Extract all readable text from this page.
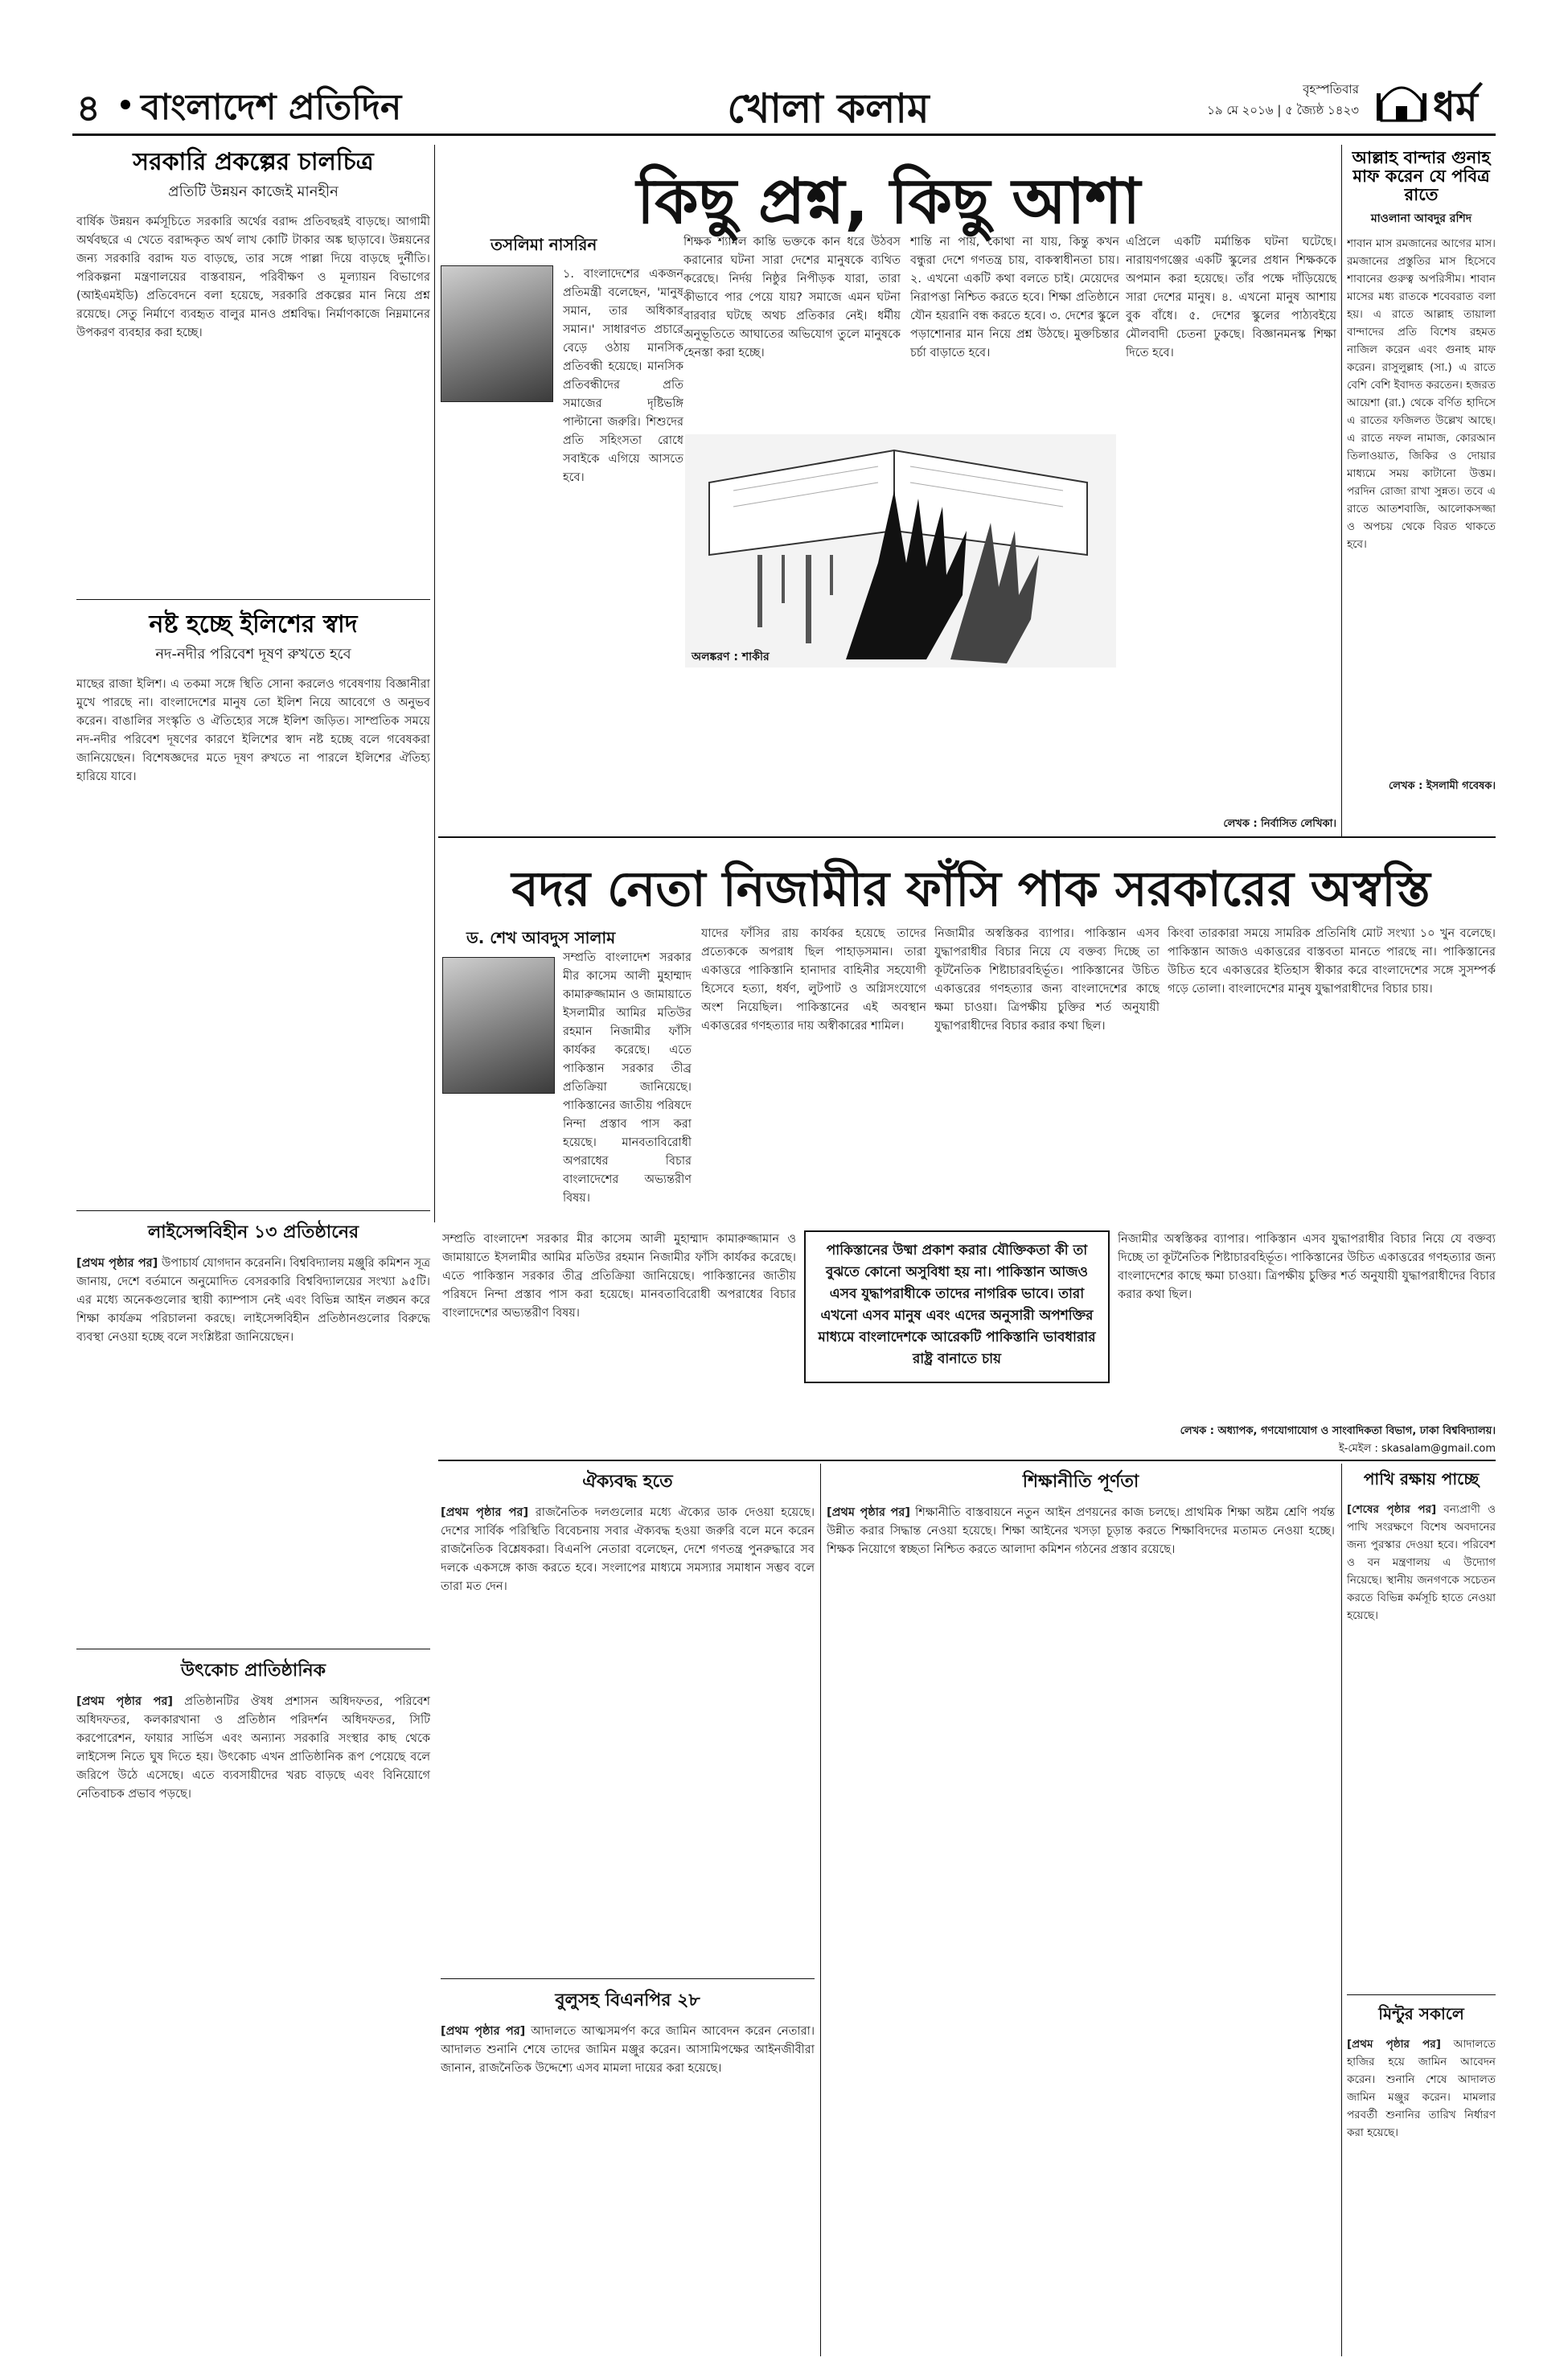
৪ বাংলাদেশ প্রতিদিন	খোলা কলাম	বৃহস্পতিবার
১৯ মে ২০১৬ | ৫ জ্যৈষ্ঠ ১৪২৩ ধর্ম
সরকারি প্রকল্পের চালচিত্র
প্রতিটি উন্নয়ন কাজেই মানহীন
বার্ষিক উন্নয়ন কর্মসূচিতে সরকারি অর্থের বরাদ্দ প্রতিবছরই বাড়ছে। আগামী অর্থবছরে এ খেতে বরাদ্দকৃত অর্থ লাখ কোটি টাকার অঙ্ক ছাড়াবে। উন্নয়নের জন্য সরকারি বরাদ্দ যত বাড়ছে, তার সঙ্গে পাল্লা দিয়ে বাড়ছে দুর্নীতি। পরিকল্পনা মন্ত্রণালয়ের বাস্তবায়ন, পরিবীক্ষণ ও মূল্যায়ন বিভাগের (আইএমইডি) প্রতিবেদনে বলা হয়েছে, সরকারি প্রকল্পের মান নিয়ে প্রশ্ন রয়েছে। সেতু নির্মাণে ব্যবহৃত বালুর মানও প্রশ্নবিদ্ধ। নির্মাণকাজে নিম্নমানের উপকরণ ব্যবহার করা হচ্ছে।
নষ্ট হচ্ছে ইলিশের স্বাদ
নদ-নদীর পরিবেশ দূষণ রুখতে হবে
মাছের রাজা ইলিশ। এ তকমা সঙ্গে স্থিতি সোনা করলেও গবেষণায় বিজ্ঞানীরা মুখে পারছে না। বাংলাদেশের মানুষ তো ইলিশ নিয়ে আবেগে ও অনুভব করেন। বাঙালির সংস্কৃতি ও ঐতিহ্যের সঙ্গে ইলিশ জড়িত। সাম্প্রতিক সময়ে নদ-নদীর পরিবেশ দূষণের কারণে ইলিশের স্বাদ নষ্ট হচ্ছে বলে গবেষকরা জানিয়েছেন। বিশেষজ্ঞদের মতে দূষণ রুখতে না পারলে ইলিশের ঐতিহ্য হারিয়ে যাবে।
লাইসেন্সবিহীন ১৩ প্রতিষ্ঠানের
[প্রথম পৃষ্ঠার পর] উপাচার্য যোগদান করেননি। বিশ্ববিদ্যালয় মঞ্জুরি কমিশন সূত্র জানায়, দেশে বর্তমানে অনুমোদিত বেসরকারি বিশ্ববিদ্যালয়ের সংখ্যা ৯৫টি। এর মধ্যে অনেকগুলোর স্থায়ী ক্যাম্পাস নেই এবং বিভিন্ন আইন লঙ্ঘন করে শিক্ষা কার্যক্রম পরিচালনা করছে। লাইসেন্সবিহীন প্রতিষ্ঠানগুলোর বিরুদ্ধে ব্যবস্থা নেওয়া হচ্ছে বলে সংশ্লিষ্টরা জানিয়েছেন।
উৎকোচ প্রাতিষ্ঠানিক
[প্রথম পৃষ্ঠার পর] প্রতিষ্ঠানটির ঔষধ প্রশাসন অধিদফতর, পরিবেশ অধিদফতর, কলকারখানা ও প্রতিষ্ঠান পরিদর্শন অধিদফতর, সিটি করপোরেশন, ফায়ার সার্ভিস এবং অন্যান্য সরকারি সংস্থার কাছ থেকে লাইসেন্স নিতে ঘুষ দিতে হয়। উৎকোচ এখন প্রাতিষ্ঠানিক রূপ পেয়েছে বলে জরিপে উঠে এসেছে। এতে ব্যবসায়ীদের খরচ বাড়ছে এবং বিনিয়োগে নেতিবাচক প্রভাব পড়ছে।
কিছু প্রশ্ন, কিছু আশা
তসলিমা নাসরিন
১. বাংলাদেশের একজন প্রতিমন্ত্রী বলেছেন, 'মানুষ সমান, তার অধিকার সমান।' সাধারণত প্রচারে বেড়ে ওঠায় মানসিক প্রতিবন্ধী হয়েছে। মানসিক প্রতিবন্ধীদের প্রতি সমাজের দৃষ্টিভঙ্গি পাল্টানো জরুরি। শিশুদের প্রতি সহিংসতা রোধে সবাইকে এগিয়ে আসতে হবে।
শিক্ষক শ্যামল কান্তি ভক্তকে কান ধরে উঠবস করানোর ঘটনা সারা দেশের মানুষকে ব্যথিত করেছে। নির্দয় নিষ্ঠুর নিপীড়ক যারা, তারা কীভাবে পার পেয়ে যায়? সমাজে এমন ঘটনা বারবার ঘটছে অথচ প্রতিকার নেই। ধর্মীয় অনুভূতিতে আঘাতের অভিযোগ তুলে মানুষকে হেনস্তা করা হচ্ছে।
শান্তি না পায়, কোথা না যায়, কিন্তু কখন বন্ধুরা দেশে গণতন্ত্র চায়, বাকস্বাধীনতা চায়। ২. এখনো একটি কথা বলতে চাই। মেয়েদের নিরাপত্তা নিশ্চিত করতে হবে। শিক্ষা প্রতিষ্ঠানে যৌন হয়রানি বন্ধ করতে হবে। ৩. দেশের স্কুলে পড়াশোনার মান নিয়ে প্রশ্ন উঠছে। মুক্তচিন্তার চর্চা বাড়াতে হবে।
এপ্রিলে একটি মর্মান্তিক ঘটনা ঘটেছে। নারায়ণগঞ্জের একটি স্কুলের প্রধান শিক্ষককে অপমান করা হয়েছে। তাঁর পক্ষে দাঁড়িয়েছে সারা দেশের মানুষ। ৪. এখনো মানুষ আশায় বুক বাঁধে। ৫. দেশের স্কুলের পাঠ্যবইয়ে মৌলবাদী চেতনা ঢুকছে। বিজ্ঞানমনস্ক শিক্ষা দিতে হবে।
অলঙ্করণ : শাকীর
লেখক : নির্বাসিত লেখিকা।
আল্লাহ বান্দার গুনাহ মাফ করেন যে পবিত্র রাতে
মাওলানা আবদুর রশিদ
শাবান মাস রমজানের আগের মাস। রমজানের প্রস্তুতির মাস হিসেবে শাবানের গুরুত্ব অপরিসীম। শাবান মাসের মধ্য রাতকে শবেবরাত বলা হয়। এ রাতে আল্লাহ তায়ালা বান্দাদের প্রতি বিশেষ রহমত নাজিল করেন এবং গুনাহ মাফ করেন। রাসুলুল্লাহ (সা.) এ রাতে বেশি বেশি ইবাদত করতেন। হজরত আয়েশা (রা.) থেকে বর্ণিত হাদিসে এ রাতের ফজিলত উল্লেখ আছে। এ রাতে নফল নামাজ, কোরআন তিলাওয়াত, জিকির ও দোয়ার মাধ্যমে সময় কাটানো উত্তম। পরদিন রোজা রাখা সুন্নত। তবে এ রাতে আতশবাজি, আলোকসজ্জা ও অপচয় থেকে বিরত থাকতে হবে।
লেখক : ইসলামী গবেষক।
বদর নেতা নিজামীর ফাঁসি পাক সরকারের অস্বস্তি
ড. শেখ আবদুস সালাম
সম্প্রতি বাংলাদেশ সরকার মীর কাসেম আলী মুহাম্মাদ কামারুজ্জামান ও জামায়াতে ইসলামীর আমির মতিউর রহমান নিজামীর ফাঁসি কার্যকর করেছে। এতে পাকিস্তান সরকার তীব্র প্রতিক্রিয়া জানিয়েছে। পাকিস্তানের জাতীয় পরিষদে নিন্দা প্রস্তাব পাস করা হয়েছে। মানবতাবিরোধী অপরাধের বিচার বাংলাদেশের অভ্যন্তরীণ বিষয়।
যাদের ফাঁসির রায় কার্যকর হয়েছে তাদের প্রত্যেককে অপরাধ ছিল পাহাড়সমান। তারা একাত্তরে পাকিস্তানি হানাদার বাহিনীর সহযোগী হিসেবে হত্যা, ধর্ষণ, লুটপাট ও অগ্নিসংযোগে অংশ নিয়েছিল। পাকিস্তানের এই অবস্থান একাত্তরের গণহত্যার দায় অস্বীকারের শামিল।
নিজামীর অস্বস্তিকর ব্যাপার। পাকিস্তান এসব যুদ্ধাপরাধীর বিচার নিয়ে যে বক্তব্য দিচ্ছে তা কূটনৈতিক শিষ্টাচারবহির্ভূত। পাকিস্তানের উচিত একাত্তরের গণহত্যার জন্য বাংলাদেশের কাছে ক্ষমা চাওয়া। ত্রিপক্ষীয় চুক্তির শর্ত অনুযায়ী যুদ্ধাপরাধীদের বিচার করার কথা ছিল।
কিংবা তারকারা সময়ে সামরিক প্রতিনিধি মোট সংখ্যা ১০ খুন বলেছে। পাকিস্তান আজও একাত্তরের বাস্তবতা মানতে পারছে না। পাকিস্তানের উচিত হবে একাত্তরের ইতিহাস স্বীকার করে বাংলাদেশের সঙ্গে সুসম্পর্ক গড়ে তোলা। বাংলাদেশের মানুষ যুদ্ধাপরাধীদের বিচার চায়।
পাকিস্তানের উষ্মা প্রকাশ করার যৌক্তিকতা কী তা বুঝতে কোনো অসুবিধা হয় না। পাকিস্তান আজও এসব যুদ্ধাপরাধীকে তাদের নাগরিক ভাবে। তারা এখনো এসব মানুষ এবং এদের অনুসারী অপশক্তির মাধ্যমে বাংলাদেশকে আরেকটি পাকিস্তানি ভাবধারার রাষ্ট্র বানাতে চায়
সম্প্রতি বাংলাদেশ সরকার মীর কাসেম আলী মুহাম্মাদ কামারুজ্জামান ও জামায়াতে ইসলামীর আমির মতিউর রহমান নিজামীর ফাঁসি কার্যকর করেছে। এতে পাকিস্তান সরকার তীব্র প্রতিক্রিয়া জানিয়েছে। পাকিস্তানের জাতীয় পরিষদে নিন্দা প্রস্তাব পাস করা হয়েছে। মানবতাবিরোধী অপরাধের বিচার বাংলাদেশের অভ্যন্তরীণ বিষয়।
নিজামীর অস্বস্তিকর ব্যাপার। পাকিস্তান এসব যুদ্ধাপরাধীর বিচার নিয়ে যে বক্তব্য দিচ্ছে তা কূটনৈতিক শিষ্টাচারবহির্ভূত। পাকিস্তানের উচিত একাত্তরের গণহত্যার জন্য বাংলাদেশের কাছে ক্ষমা চাওয়া। ত্রিপক্ষীয় চুক্তির শর্ত অনুযায়ী যুদ্ধাপরাধীদের বিচার করার কথা ছিল।
লেখক : অধ্যাপক, গণযোগাযোগ ও সাংবাদিকতা বিভাগ, ঢাকা বিশ্ববিদ্যালয়।
ই-মেইল : skasalam@gmail.com
ঐক্যবদ্ধ হতে
[প্রথম পৃষ্ঠার পর] রাজনৈতিক দলগুলোর মধ্যে ঐক্যের ডাক দেওয়া হয়েছে। দেশের সার্বিক পরিস্থিতি বিবেচনায় সবার ঐক্যবদ্ধ হওয়া জরুরি বলে মনে করেন রাজনৈতিক বিশ্লেষকরা। বিএনপি নেতারা বলেছেন, দেশে গণতন্ত্র পুনরুদ্ধারে সব দলকে একসঙ্গে কাজ করতে হবে। সংলাপের মাধ্যমে সমস্যার সমাধান সম্ভব বলে তারা মত দেন।
বুলুসহ বিএনপির ২৮
[প্রথম পৃষ্ঠার পর] আদালতে আত্মসমর্পণ করে জামিন আবেদন করেন নেতারা। আদালত শুনানি শেষে তাদের জামিন মঞ্জুর করেন। আসামিপক্ষের আইনজীবীরা জানান, রাজনৈতিক উদ্দেশ্যে এসব মামলা দায়ের করা হয়েছে।
শিক্ষানীতি পূর্ণতা
[প্রথম পৃষ্ঠার পর] শিক্ষানীতি বাস্তবায়নে নতুন আইন প্রণয়নের কাজ চলছে। প্রাথমিক শিক্ষা অষ্টম শ্রেণি পর্যন্ত উন্নীত করার সিদ্ধান্ত নেওয়া হয়েছে। শিক্ষা আইনের খসড়া চূড়ান্ত করতে শিক্ষাবিদদের মতামত নেওয়া হচ্ছে। শিক্ষক নিয়োগে স্বচ্ছতা নিশ্চিত করতে আলাদা কমিশন গঠনের প্রস্তাব রয়েছে।
পাখি রক্ষায় পাচ্ছে
[শেষের পৃষ্ঠার পর] বন্যপ্রাণী ও পাখি সংরক্ষণে বিশেষ অবদানের জন্য পুরস্কার দেওয়া হবে। পরিবেশ ও বন মন্ত্রণালয় এ উদ্যোগ নিয়েছে। স্থানীয় জনগণকে সচেতন করতে বিভিন্ন কর্মসূচি হাতে নেওয়া হয়েছে।
মিন্টুর সকালে
[প্রথম পৃষ্ঠার পর] আদালতে হাজির হয়ে জামিন আবেদন করেন। শুনানি শেষে আদালত জামিন মঞ্জুর করেন। মামলার পরবর্তী শুনানির তারিখ নির্ধারণ করা হয়েছে।
